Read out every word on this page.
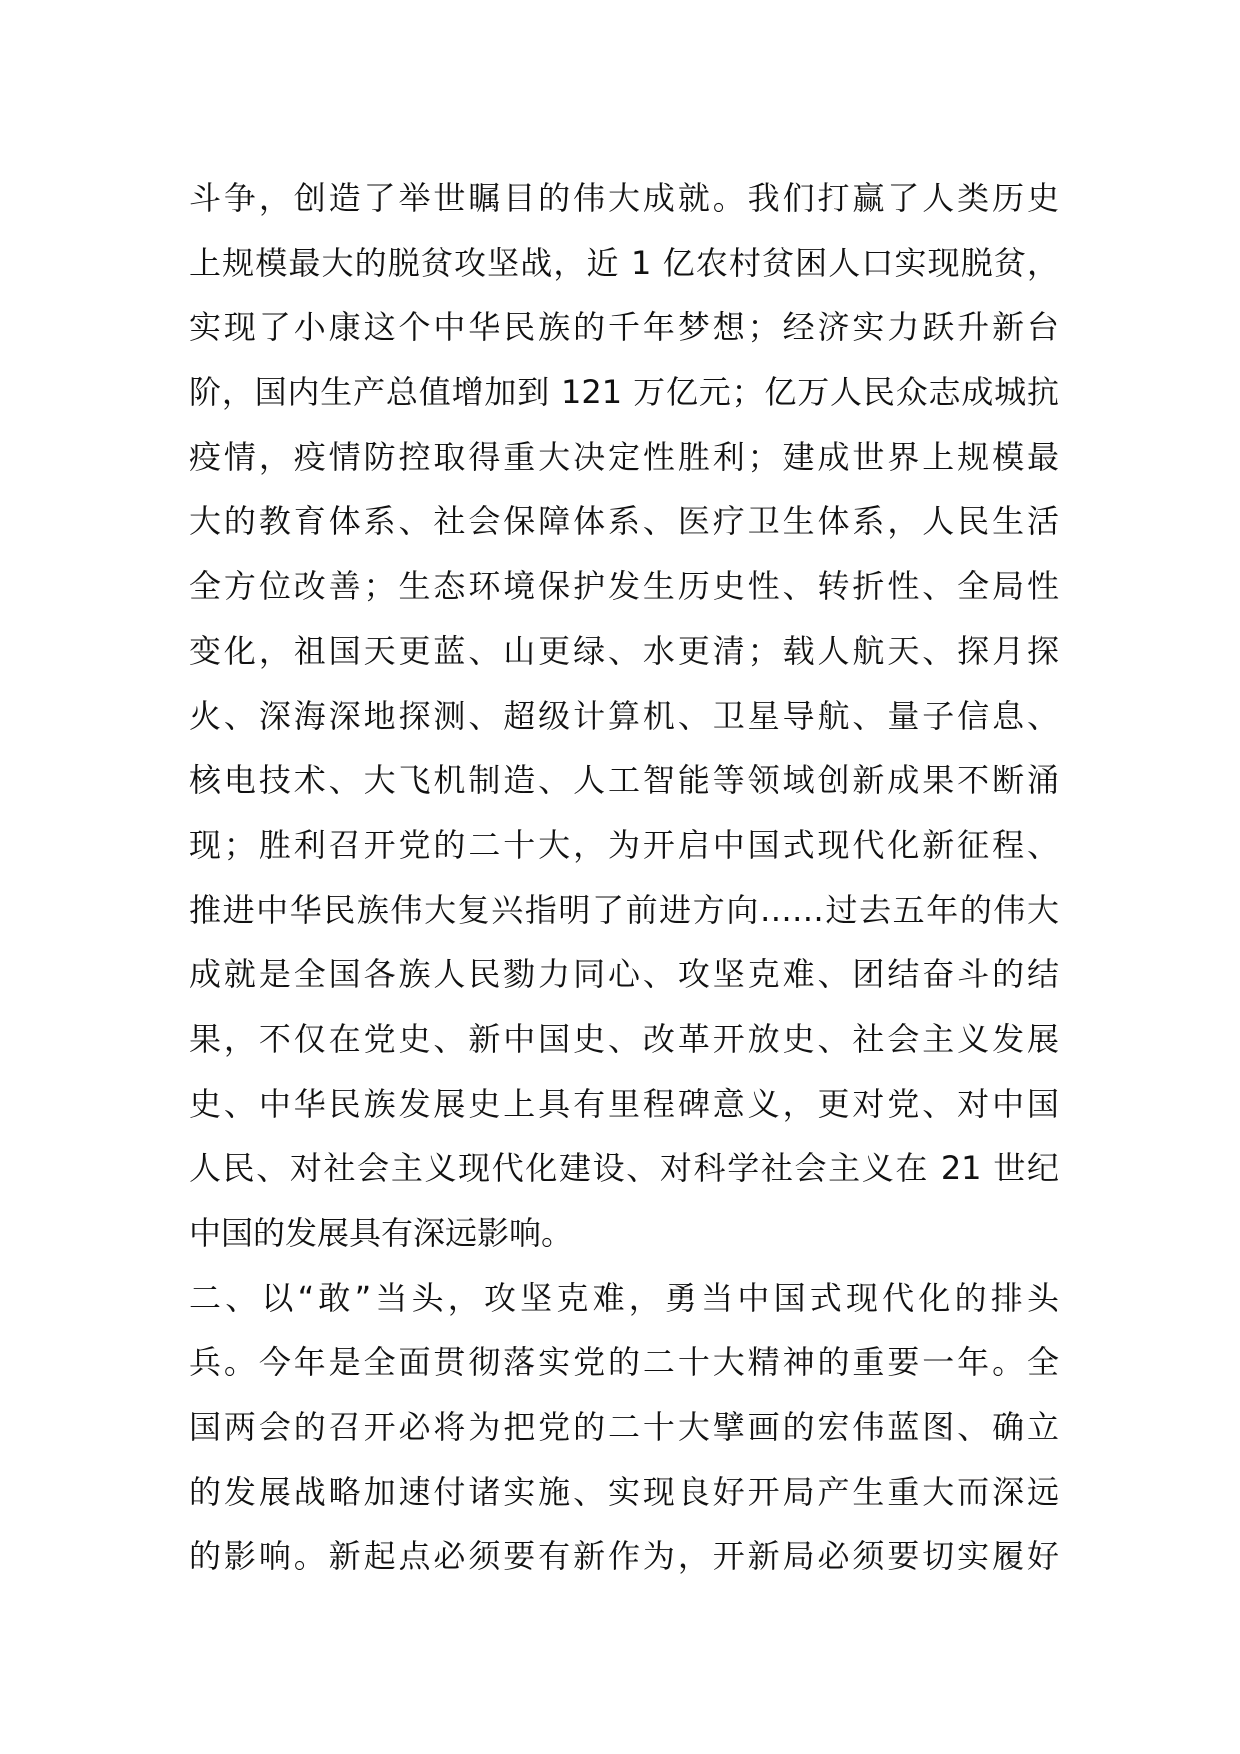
斗争，创造了举世瞩目的伟大成就。我们打赢了人类历史
上规模最大的脱贫攻坚战，近 1 亿农村贫困人口实现脱贫，
实现了小康这个中华民族的千年梦想；经济实力跃升新台
阶，国内生产总值增加到 121 万亿元；亿万人民众志成城抗
疫情，疫情防控取得重大决定性胜利；建成世界上规模最
大的教育体系、社会保障体系、医疗卫生体系，人民生活
全方位改善；生态环境保护发生历史性、转折性、全局性
变化，祖国天更蓝、山更绿、水更清；载人航天、探月探
火、深海深地探测、超级计算机、卫星导航、量子信息、
核电技术、大飞机制造、人工智能等领域创新成果不断涌
现；胜利召开党的二十大，为开启中国式现代化新征程、
推进中华民族伟大复兴指明了前进方向……过去五年的伟大
成就是全国各族人民勠力同心、攻坚克难、团结奋斗的结
果，不仅在党史、新中国史、改革开放史、社会主义发展
史、中华民族发展史上具有里程碑意义，更对党、对中国
人民、对社会主义现代化建设、对科学社会主义在 21 世纪
中国的发展具有深远影响。
二、以“敢”当头，攻坚克难，勇当中国式现代化的排头
兵。今年是全面贯彻落实党的二十大精神的重要一年。全
国两会的召开必将为把党的二十大擘画的宏伟蓝图、确立
的发展战略加速付诸实施、实现良好开局产生重大而深远
的影响。新起点必须要有新作为，开新局必须要切实履好
